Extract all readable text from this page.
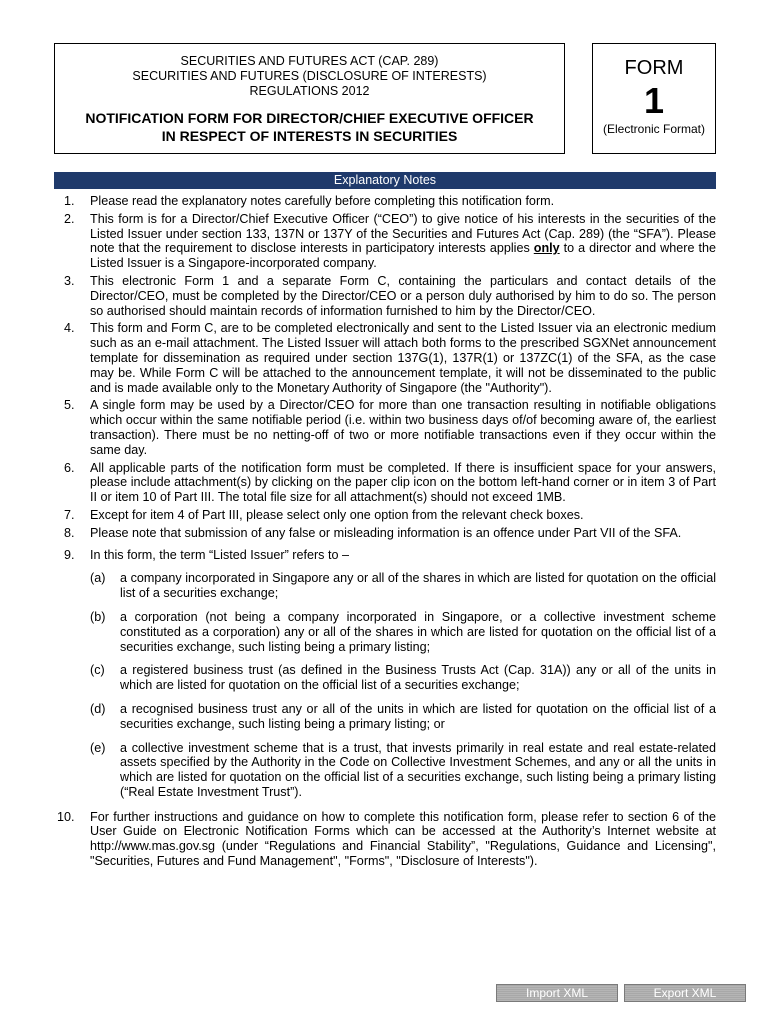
SECURITIES AND FUTURES ACT (CAP. 289)
SECURITIES AND FUTURES (DISCLOSURE OF INTERESTS)
REGULATIONS 2012
NOTIFICATION FORM FOR DIRECTOR/CHIEF EXECUTIVE OFFICER
IN RESPECT OF INTERESTS IN SECURITIES
FORM
1
(Electronic Format)
Explanatory Notes
1.	Please read the explanatory notes carefully before completing this notification form.
2.	This form is for a Director/Chief Executive Officer (“CEO”) to give notice of his interests in the securities of the Listed Issuer under section 133, 137N or 137Y of the Securities and Futures Act (Cap. 289) (the “SFA”). Please note that the requirement to disclose interests in participatory interests applies only to a director and where the Listed Issuer is a Singapore-incorporated company.
3.	This electronic Form 1 and a separate Form C, containing the particulars and contact details of the Director/CEO, must be completed by the Director/CEO or a person duly authorised by him to do so. The person so authorised should maintain records of information furnished to him by the Director/CEO.
4.	This form and Form C, are to be completed electronically and sent to the Listed Issuer via an electronic medium such as an e-mail attachment. The Listed Issuer will attach both forms to the prescribed SGXNet announcement template for dissemination as required under section 137G(1), 137R(1) or 137ZC(1) of the SFA, as the case may be. While Form C will be attached to the announcement template, it will not be disseminated to the public and is made available only to the Monetary Authority of Singapore (the "Authority").
5.	A single form may be used by a Director/CEO for more than one transaction resulting in notifiable obligations which occur within the same notifiable period (i.e. within two business days of/of becoming aware of, the earliest transaction). There must be no netting-off of two or more notifiable transactions even if they occur within the same day.
6.	All applicable parts of the notification form must be completed. If there is insufficient space for your answers, please include attachment(s) by clicking on the paper clip icon on the bottom left-hand corner or in item 3 of Part II or item 10 of Part III. The total file size for all attachment(s) should not exceed 1MB.
7.	Except for item 4 of Part III, please select only one option from the relevant check boxes.
8.	Please note that submission of any false or misleading information is an offence under Part VII of the SFA.
9.	In this form, the term “Listed Issuer” refers to –
(a)	a company incorporated in Singapore any or all of the shares in which are listed for quotation on the official list of a securities exchange;
(b)	a corporation (not being a company incorporated in Singapore, or a collective investment scheme constituted as a corporation) any or all of the shares in which are listed for quotation on the official list of a securities exchange, such listing being a primary listing;
(c)	a registered business trust (as defined in the Business Trusts Act (Cap. 31A)) any or all of the units in which are listed for quotation on the official list of a securities exchange;
(d)	a recognised business trust any or all of the units in which are listed for quotation on the official list of a securities exchange, such listing being a primary listing; or
(e)	a collective investment scheme that is a trust, that invests primarily in real estate and real estate-related assets specified by the Authority in the Code on Collective Investment Schemes, and any or all the units in which are listed for quotation on the official list of a securities exchange, such listing being a primary listing (“Real Estate Investment Trust”).
10.	For further instructions and guidance on how to complete this notification form, please refer to section 6 of the User Guide on Electronic Notification Forms which can be accessed at the Authority’s Internet website at http://www.mas.gov.sg (under “Regulations and Financial Stability”, "Regulations, Guidance and Licensing", "Securities, Futures and Fund Management", "Forms", "Disclosure of Interests").
Import XML	Export XML
